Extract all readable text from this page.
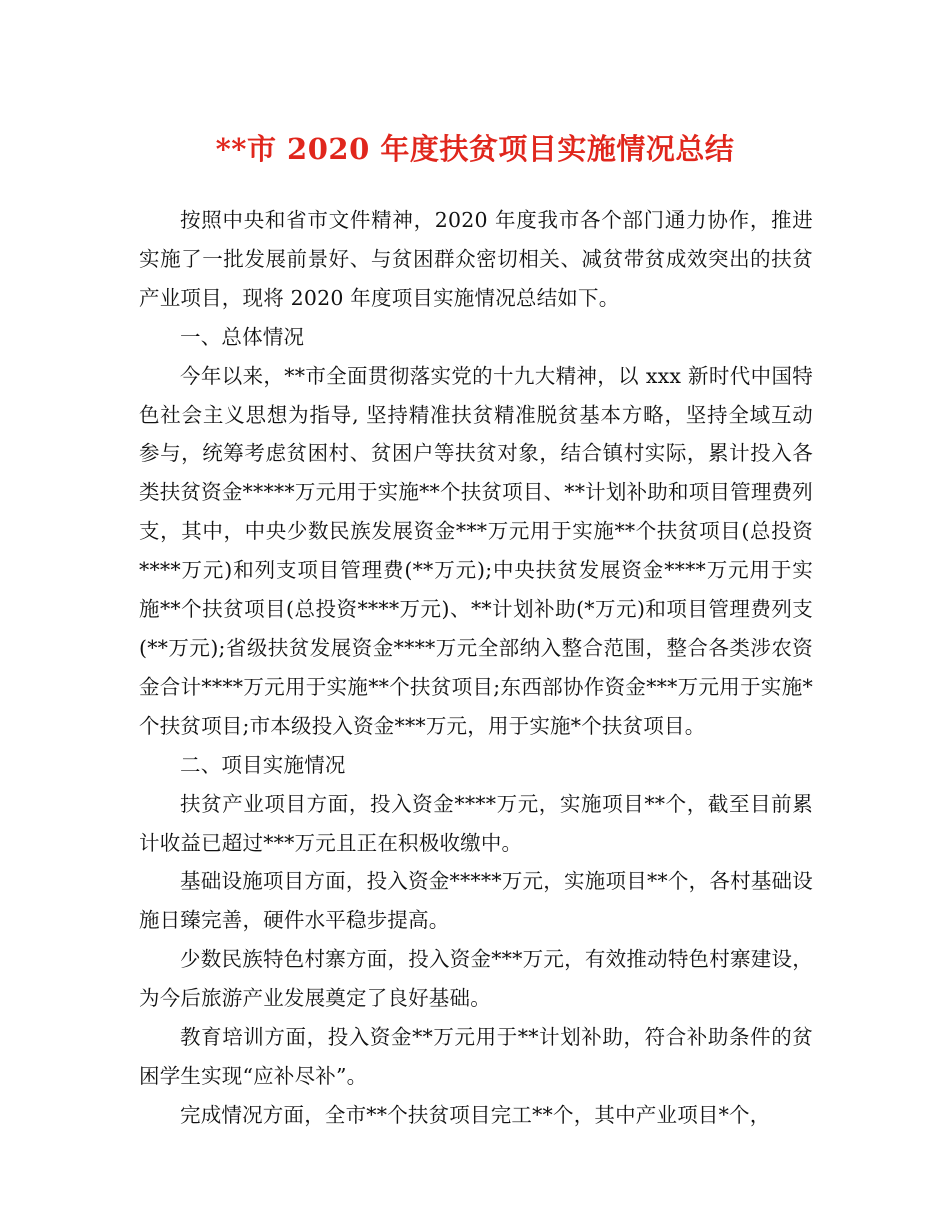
**市 2020 年度扶贫项目实施情况总结

按照中央和省市文件精神，2020 年度我市各个部门通力协作，推进实施了一批发展前景好、与贫困群众密切相关、减贫带贫成效突出的扶贫产业项目，现将 2020 年度项目实施情况总结如下。

一、总体情况

今年以来，**市全面贯彻落实党的十九大精神，以 xxx 新时代中国特色社会主义思想为指导, 坚持精准扶贫精准脱贫基本方略，坚持全域互动参与，统筹考虑贫困村、贫困户等扶贫对象，结合镇村实际，累计投入各类扶贫资金*****万元用于实施**个扶贫项目、**计划补助和项目管理费列支，其中，中央少数民族发展资金***万元用于实施**个扶贫项目(总投资****万元)和列支项目管理费(**万元);中央扶贫发展资金****万元用于实施**个扶贫项目(总投资****万元)、**计划补助(*万元)和项目管理费列支(**万元);省级扶贫发展资金****万元全部纳入整合范围，整合各类涉农资金合计****万元用于实施**个扶贫项目;东西部协作资金***万元用于实施*个扶贫项目;市本级投入资金***万元，用于实施*个扶贫项目。

二、项目实施情况

扶贫产业项目方面，投入资金****万元，实施项目**个，截至目前累计收益已超过***万元且正在积极收缴中。

基础设施项目方面，投入资金*****万元，实施项目**个，各村基础设施日臻完善，硬件水平稳步提高。

少数民族特色村寨方面，投入资金***万元，有效推动特色村寨建设，为今后旅游产业发展奠定了良好基础。

教育培训方面，投入资金**万元用于**计划补助，符合补助条件的贫困学生实现“应补尽补”。

完成情况方面，全市**个扶贫项目完工**个，其中产业项目*个，
